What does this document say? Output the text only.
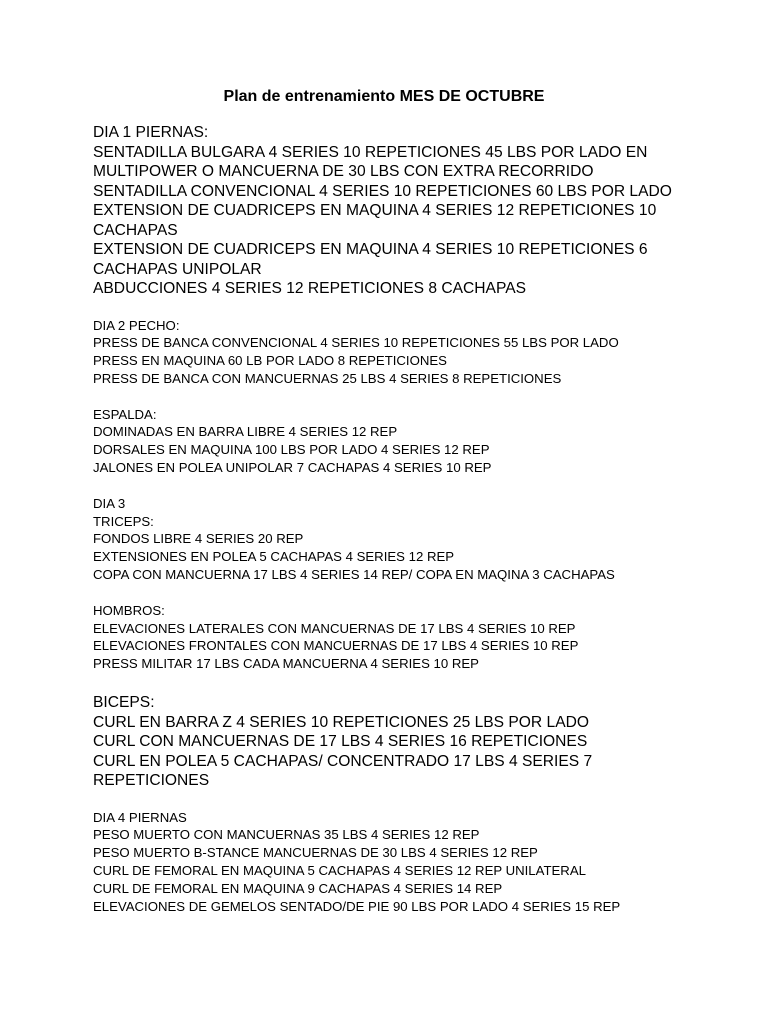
Plan de entrenamiento MES DE OCTUBRE
DIA 1 PIERNAS:
SENTADILLA BULGARA 4 SERIES 10 REPETICIONES 45 LBS POR LADO EN
MULTIPOWER O MANCUERNA DE 30 LBS CON EXTRA RECORRIDO
SENTADILLA CONVENCIONAL 4 SERIES 10 REPETICIONES 60 LBS POR LADO
EXTENSION DE CUADRICEPS EN MAQUINA 4 SERIES 12 REPETICIONES 10
CACHAPAS
EXTENSION DE CUADRICEPS EN MAQUINA 4 SERIES 10 REPETICIONES 6
CACHAPAS UNIPOLAR
ABDUCCIONES 4 SERIES 12 REPETICIONES 8 CACHAPAS
DIA 2 PECHO:
PRESS DE BANCA CONVENCIONAL 4 SERIES 10 REPETICIONES 55 LBS POR LADO
PRESS EN MAQUINA 60 LB POR LADO 8 REPETICIONES
PRESS DE BANCA CON MANCUERNAS 25 LBS 4 SERIES 8 REPETICIONES
ESPALDA:
DOMINADAS EN BARRA LIBRE 4 SERIES 12 REP
DORSALES EN MAQUINA 100 LBS POR LADO 4 SERIES 12 REP
JALONES EN POLEA UNIPOLAR 7 CACHAPAS 4 SERIES 10 REP
DIA 3
TRICEPS:
FONDOS LIBRE 4 SERIES 20 REP
EXTENSIONES EN POLEA 5 CACHAPAS 4 SERIES 12 REP
COPA CON MANCUERNA 17 LBS 4 SERIES 14 REP/ COPA EN MAQINA 3 CACHAPAS
HOMBROS:
ELEVACIONES LATERALES CON MANCUERNAS DE 17 LBS 4 SERIES 10 REP
ELEVACIONES FRONTALES CON MANCUERNAS DE 17 LBS 4 SERIES 10 REP
PRESS MILITAR 17 LBS CADA MANCUERNA 4 SERIES 10 REP
BICEPS:
CURL EN BARRA Z 4 SERIES 10 REPETICIONES 25 LBS POR LADO
CURL CON MANCUERNAS DE 17 LBS 4 SERIES 16 REPETICIONES
CURL EN POLEA 5 CACHAPAS/ CONCENTRADO 17 LBS 4 SERIES 7
REPETICIONES
DIA 4 PIERNAS
PESO MUERTO CON MANCUERNAS 35 LBS 4 SERIES 12 REP
PESO MUERTO B-STANCE MANCUERNAS DE 30 LBS 4 SERIES 12 REP
CURL DE FEMORAL EN MAQUINA 5 CACHAPAS 4 SERIES 12 REP UNILATERAL
CURL DE FEMORAL EN MAQUINA 9 CACHAPAS 4 SERIES 14 REP
ELEVACIONES DE GEMELOS SENTADO/DE PIE 90 LBS POR LADO 4 SERIES 15 REP
